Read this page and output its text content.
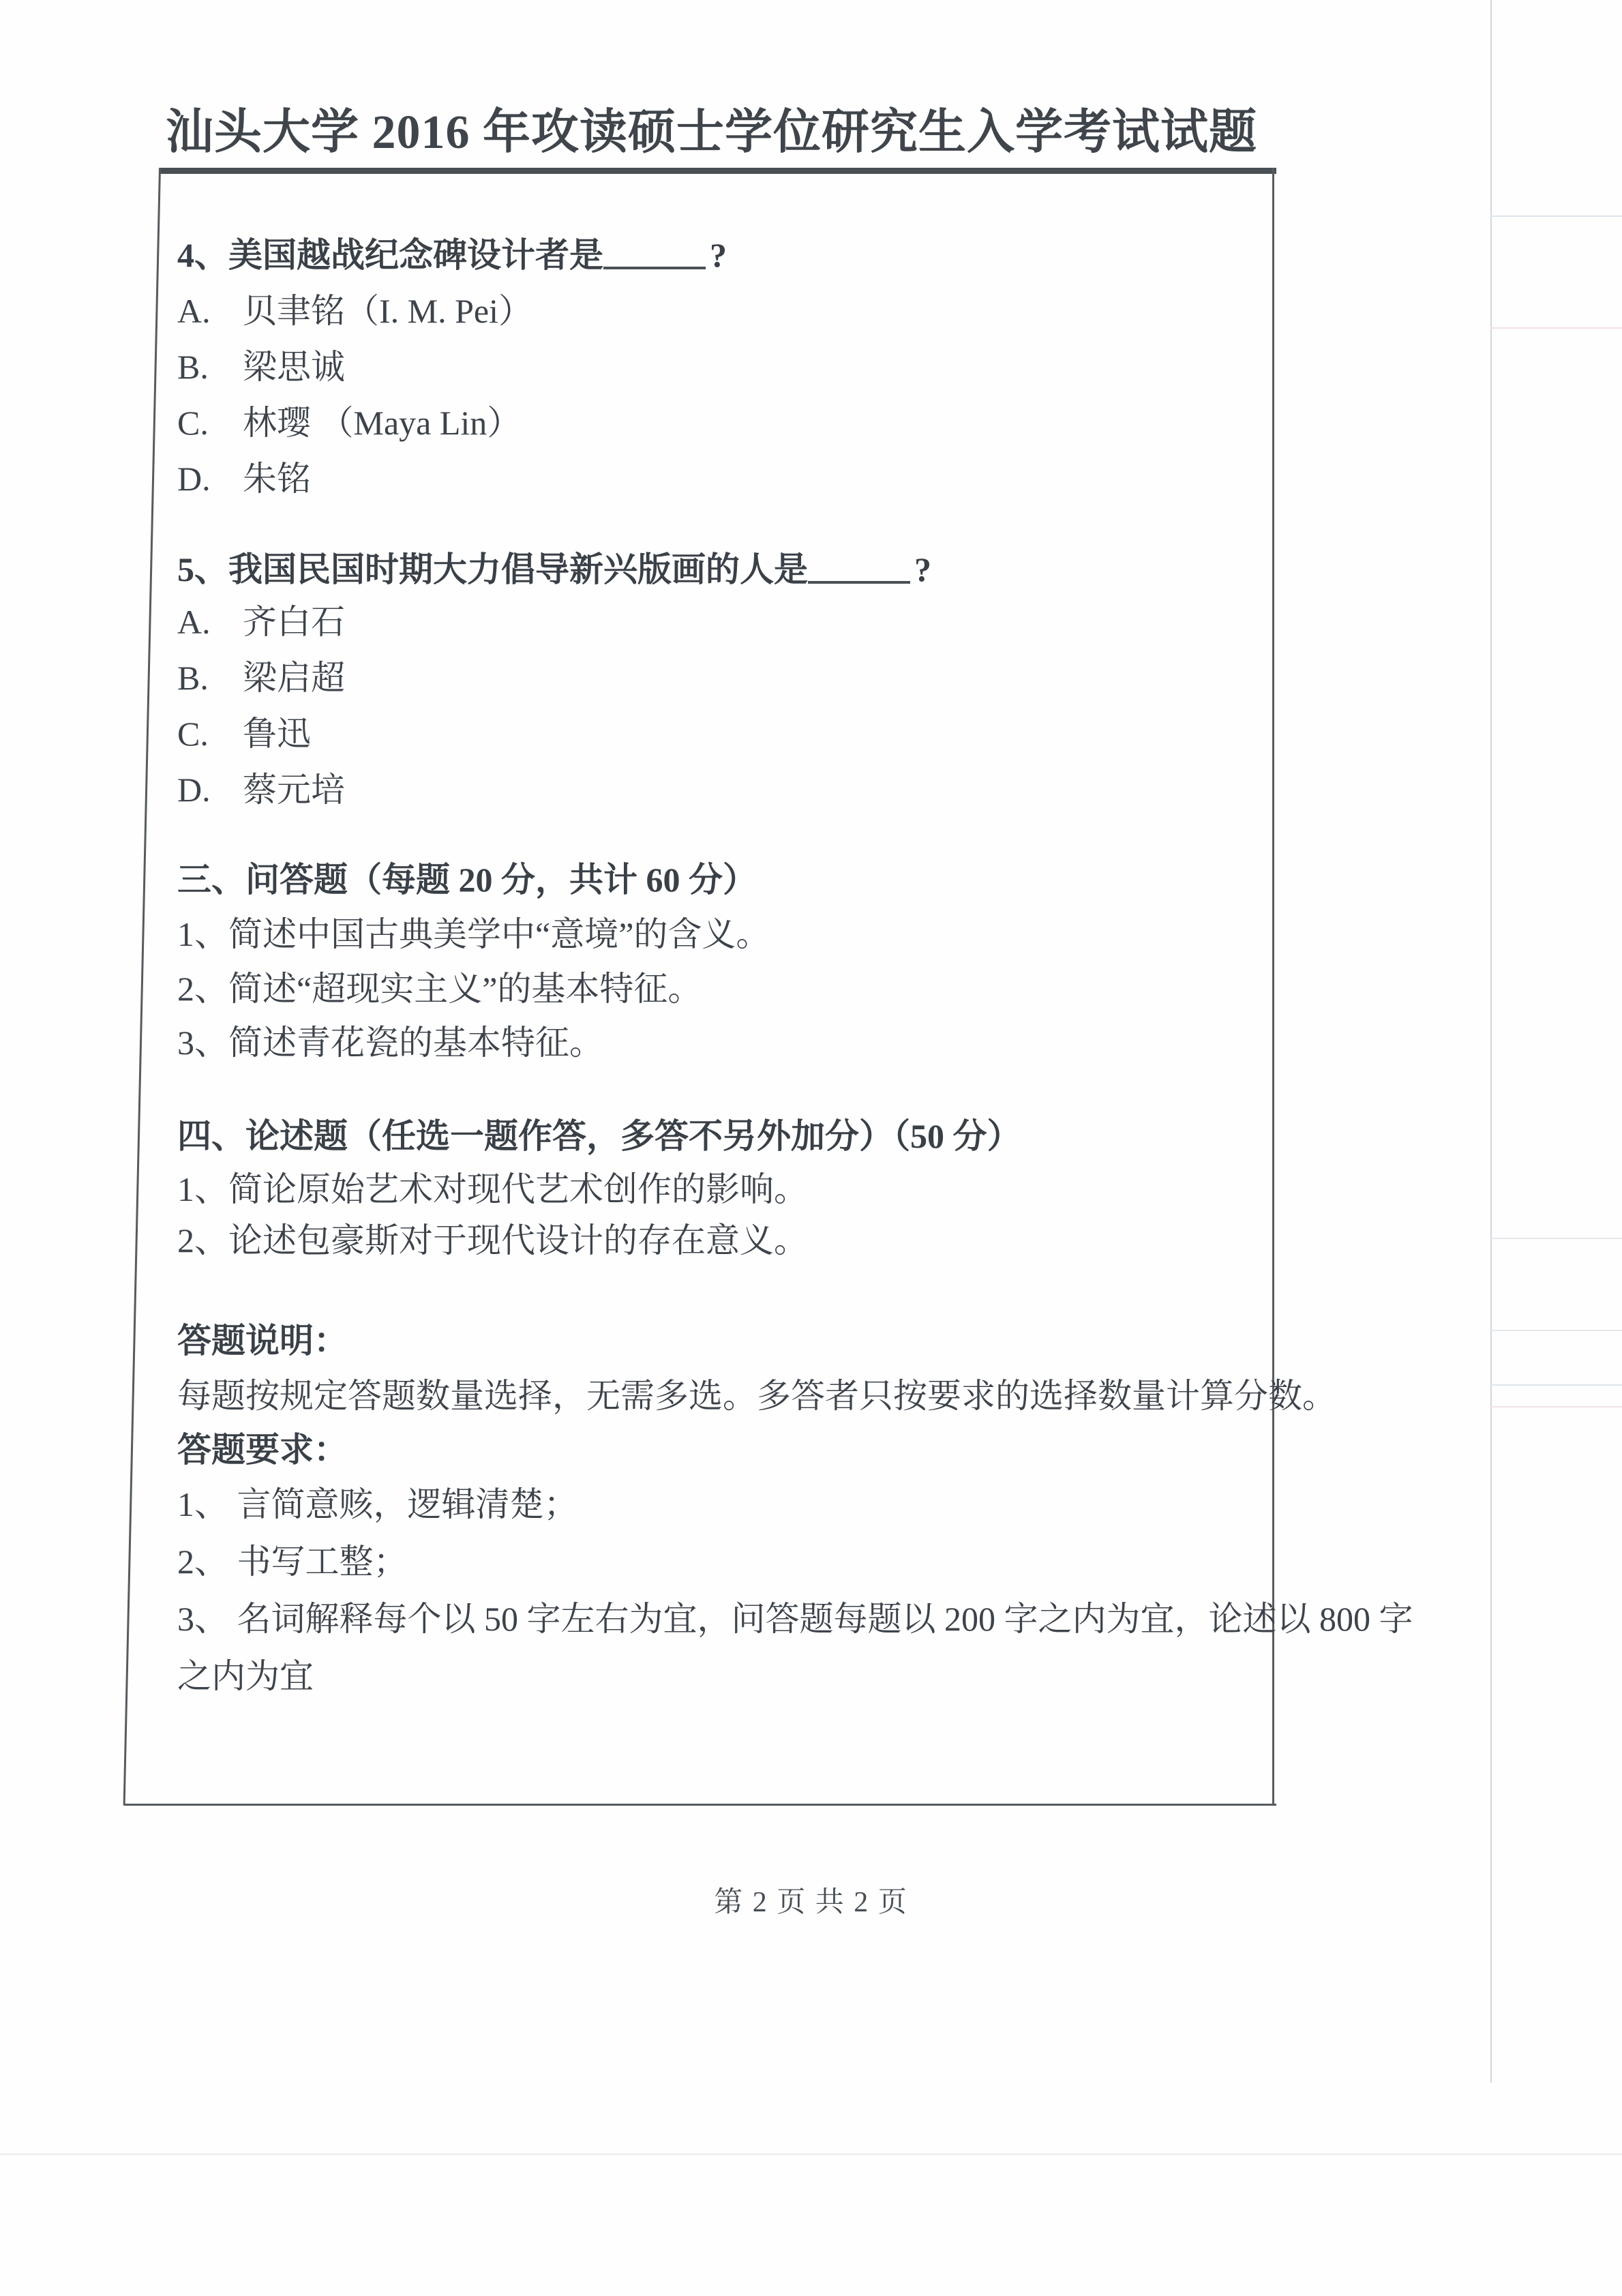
汕头大学 2016 年攻读硕士学位研究生入学考试试题
4、美国越战纪念碑设计者是	?
A. 贝聿铭（I. M. Pei）
B. 梁思诚
C. 林璎 （Maya Lin）
D. 朱铭
5、我国民国时期大力倡导新兴版画的人是	?
A. 齐白石
B. 梁启超
C. 鲁迅
D. 蔡元培
三、问答题（每题 20 分，共计 60 分）
1、简述中国古典美学中“意境”的含义。
2、简述“超现实主义”的基本特征。
3、简述青花瓷的基本特征。
四、论述题（任选一题作答，多答不另外加分）（50 分）
1、简论原始艺术对现代艺术创作的影响。
2、论述包豪斯对于现代设计的存在意义。
答题说明：
每题按规定答题数量选择，无需多选。多答者只按要求的选择数量计算分数。
答题要求：
1、 言简意赅，逻辑清楚；
2、 书写工整；
3、 名词解释每个以 50 字左右为宜，问答题每题以 200 字之内为宜，论述以 800 字
之内为宜
第 2 页 共 2 页
